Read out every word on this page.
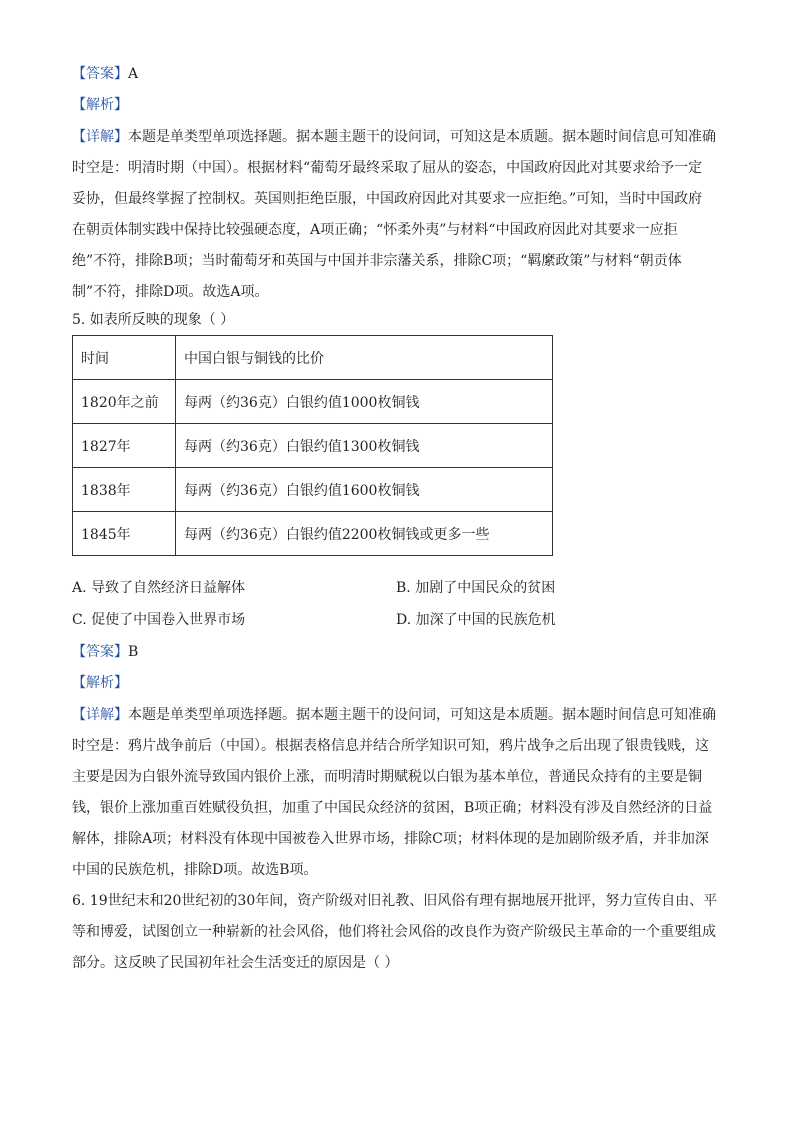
【答案】A
【解析】
【详解】本题是单类型单项选择题。据本题主题干的设问词，可知这是本质题。据本题时间信息可知准确
时空是：明清时期（中国）。根据材料“葡萄牙最终采取了屈从的姿态，中国政府因此对其要求给予一定
妥协，但最终掌握了控制权。英国则拒绝臣服，中国政府因此对其要求一应拒绝。”可知，当时中国政府
在朝贡体制实践中保持比较强硬态度，A项正确；“怀柔外夷”与材料“中国政府因此对其要求一应拒
绝”不符，排除B项；当时葡萄牙和英国与中国并非宗藩关系，排除C项；“羁縻政策”与材料“朝贡体
制”不符，排除D项。故选A项。
5. 如表所反映的现象（ ）
时间	中国白银与铜钱的比价
1820年之前	每两（约36克）白银约值1000枚铜钱
1827年	每两（约36克）白银约值1300枚铜钱
1838年	每两（约36克）白银约值1600枚铜钱
1845年	每两（约36克）白银约值2200枚铜钱或更多一些
A. 导致了自然经济日益解体	B. 加剧了中国民众的贫困
C. 促使了中国卷入世界市场	D. 加深了中国的民族危机
【答案】B
【解析】
【详解】本题是单类型单项选择题。据本题主题干的设问词，可知这是本质题。据本题时间信息可知准确
时空是：鸦片战争前后（中国）。根据表格信息并结合所学知识可知，鸦片战争之后出现了银贵钱贱，这
主要是因为白银外流导致国内银价上涨，而明清时期赋税以白银为基本单位，普通民众持有的主要是铜
钱，银价上涨加重百姓赋役负担，加重了中国民众经济的贫困，B项正确；材料没有涉及自然经济的日益
解体，排除A项；材料没有体现中国被卷入世界市场，排除C项；材料体现的是加剧阶级矛盾，并非加深
中国的民族危机，排除D项。故选B项。
6. 19世纪末和20世纪初的30年间，资产阶级对旧礼教、旧风俗有理有据地展开批评，努力宣传自由、平
等和博爱，试图创立一种崭新的社会风俗，他们将社会风俗的改良作为资产阶级民主革命的一个重要组成
部分。这反映了民国初年社会生活变迁的原因是（ ）
